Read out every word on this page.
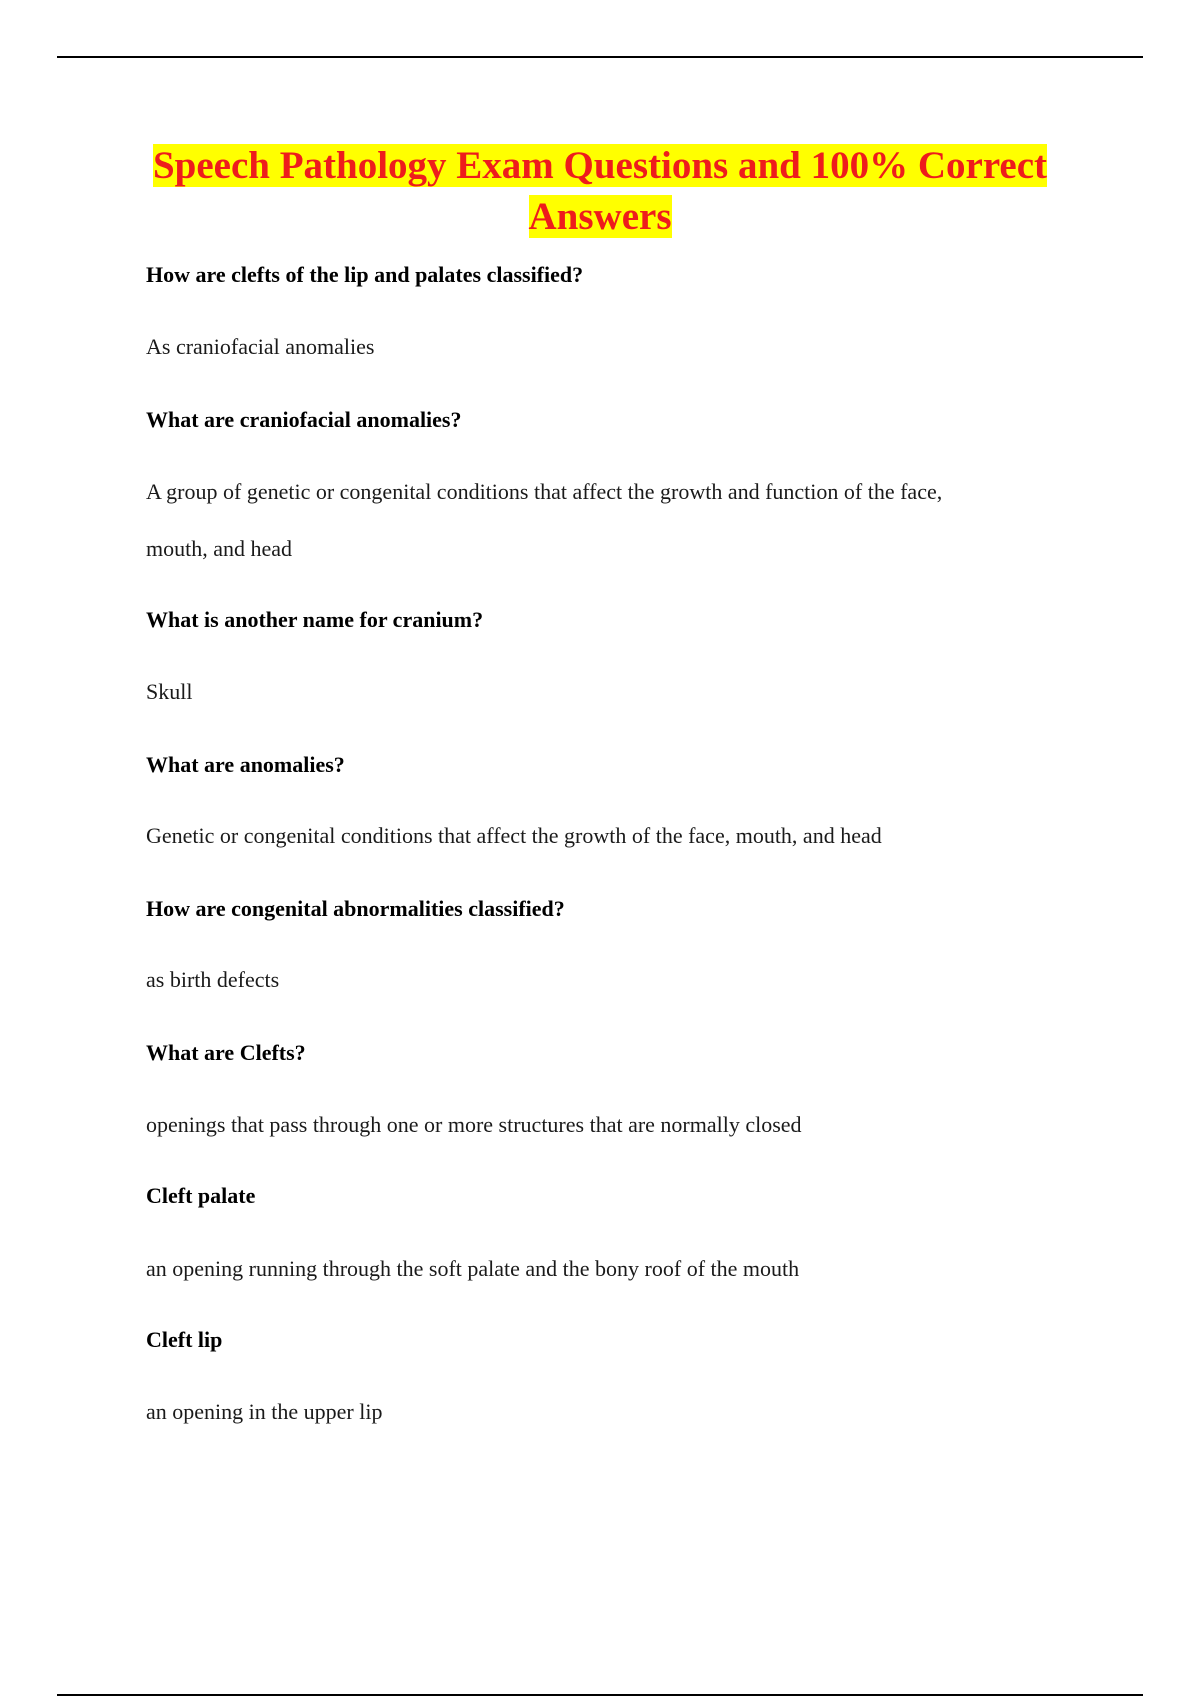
Speech Pathology Exam Questions and 100% Correct
Answers

How are clefts of the lip and palates classified?

As craniofacial anomalies

What are craniofacial anomalies?

A group of genetic or congenital conditions that affect the growth and function of the face,

mouth, and head

What is another name for cranium?

Skull

What are anomalies?

Genetic or congenital conditions that affect the growth of the face, mouth, and head

How are congenital abnormalities classified?

as birth defects

What are Clefts?

openings that pass through one or more structures that are normally closed

Cleft palate

an opening running through the soft palate and the bony roof of the mouth

Cleft lip

an opening in the upper lip
